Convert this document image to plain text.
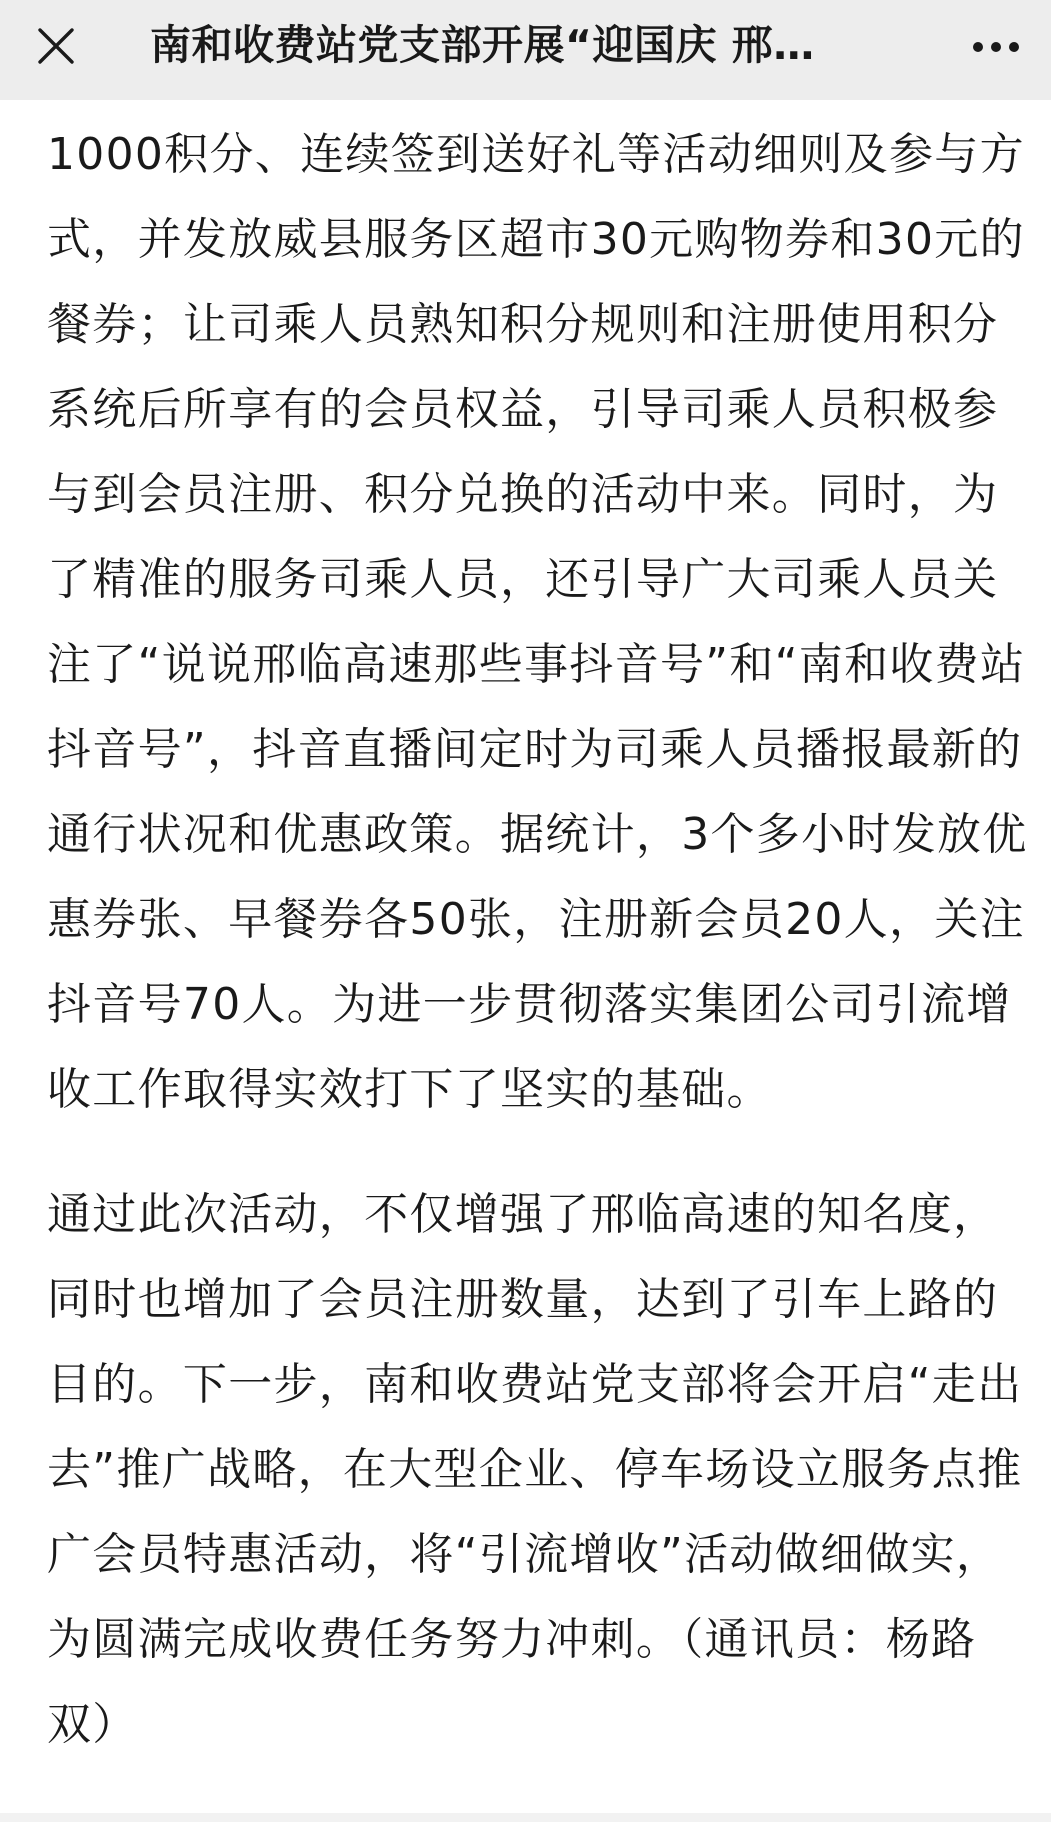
南和收费站党支部开展“迎国庆 邢…

1000积分、连续签到送好礼等活动细则及参与方式，并发放威县服务区超市30元购物券和30元的餐券；让司乘人员熟知积分规则和注册使用积分系统后所享有的会员权益，引导司乘人员积极参与到会员注册、积分兑换的活动中来。同时，为了精准的服务司乘人员，还引导广大司乘人员关注了“说说邢临高速那些事抖音号”和“南和收费站抖音号”，抖音直播间定时为司乘人员播报最新的通行状况和优惠政策。据统计，3个多小时发放优惠券张、早餐券各50张，注册新会员20人，关注抖音号70人。为进一步贯彻落实集团公司引流增收工作取得实效打下了坚实的基础。

通过此次活动，不仅增强了邢临高速的知名度，同时也增加了会员注册数量，达到了引车上路的目的。下一步，南和收费站党支部将会开启“走出去”推广战略，在大型企业、停车场设立服务点推广会员特惠活动，将“引流增收”活动做细做实，为圆满完成收费任务努力冲刺。（通讯员：杨路双）
